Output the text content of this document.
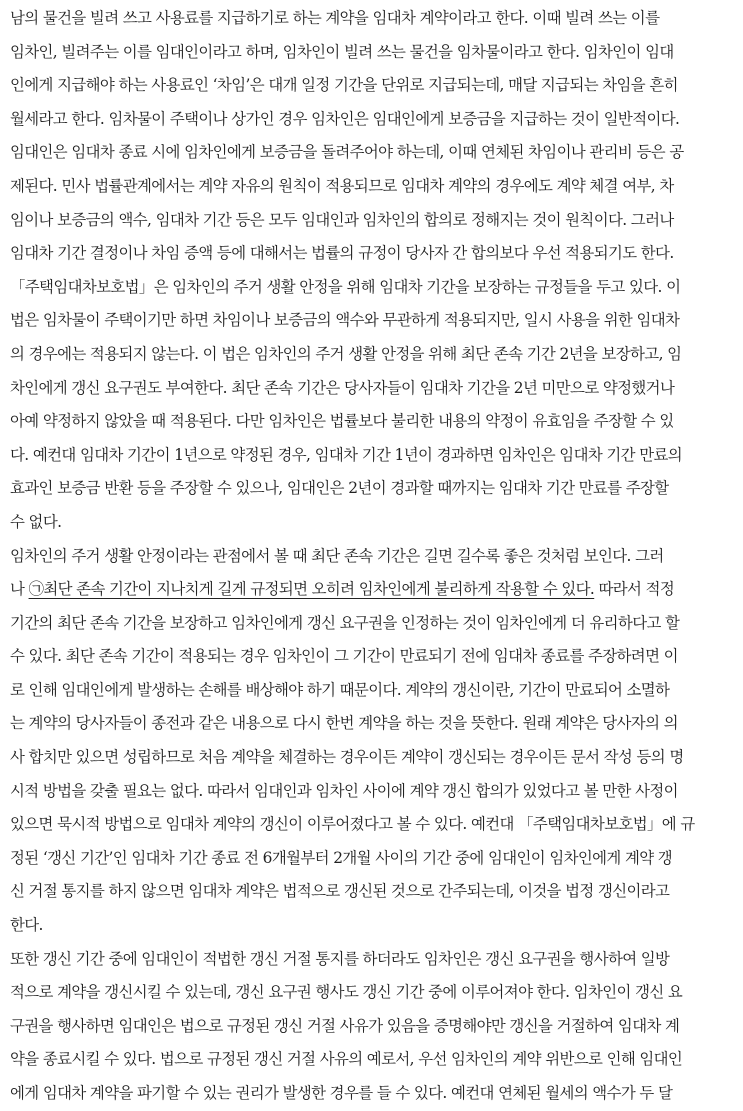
남의 물건을 빌려 쓰고 사용료를 지급하기로 하는 계약을 임대차 계약이라고 한다. 이때 빌려 쓰는 이를
임차인, 빌려주는 이를 임대인이라고 하며, 임차인이 빌려 쓰는 물건을 임차물이라고 한다. 임차인이 임대
인에게 지급해야 하는 사용료인 ‘차임’은 대개 일정 기간을 단위로 지급되는데, 매달 지급되는 차임을 흔히
월세라고 한다. 임차물이 주택이나 상가인 경우 임차인은 임대인에게 보증금을 지급하는 것이 일반적이다.
임대인은 임대차 종료 시에 임차인에게 보증금을 돌려주어야 하는데, 이때 연체된 차임이나 관리비 등은 공
제된다. 민사 법률관계에서는 계약 자유의 원칙이 적용되므로 임대차 계약의 경우에도 계약 체결 여부, 차
임이나 보증금의 액수, 임대차 기간 등은 모두 임대인과 임차인의 합의로 정해지는 것이 원칙이다. 그러나
임대차 기간 결정이나 차임 증액 등에 대해서는 법률의 규정이 당사자 간 합의보다 우선 적용되기도 한다.
「주택임대차보호법」은 임차인의 주거 생활 안정을 위해 임대차 기간을 보장하는 규정들을 두고 있다. 이
법은 임차물이 주택이기만 하면 차임이나 보증금의 액수와 무관하게 적용되지만, 일시 사용을 위한 임대차
의 경우에는 적용되지 않는다. 이 법은 임차인의 주거 생활 안정을 위해 최단 존속 기간 2년을 보장하고, 임
차인에게 갱신 요구권도 부여한다. 최단 존속 기간은 당사자들이 임대차 기간을 2년 미만으로 약정했거나
아예 약정하지 않았을 때 적용된다. 다만 임차인은 법률보다 불리한 내용의 약정이 유효임을 주장할 수 있
다. 예컨대 임대차 기간이 1년으로 약정된 경우, 임대차 기간 1년이 경과하면 임차인은 임대차 기간 만료의
효과인 보증금 반환 등을 주장할 수 있으나, 임대인은 2년이 경과할 때까지는 임대차 기간 만료를 주장할
수 없다.
임차인의 주거 생활 안정이라는 관점에서 볼 때 최단 존속 기간은 길면 길수록 좋은 것처럼 보인다. 그러
나 ㉠최단 존속 기간이 지나치게 길게 규정되면 오히려 임차인에게 불리하게 작용할 수 있다. 따라서 적정
기간의 최단 존속 기간을 보장하고 임차인에게 갱신 요구권을 인정하는 것이 임차인에게 더 유리하다고 할
수 있다. 최단 존속 기간이 적용되는 경우 임차인이 그 기간이 만료되기 전에 임대차 종료를 주장하려면 이
로 인해 임대인에게 발생하는 손해를 배상해야 하기 때문이다. 계약의 갱신이란, 기간이 만료되어 소멸하
는 계약의 당사자들이 종전과 같은 내용으로 다시 한번 계약을 하는 것을 뜻한다. 원래 계약은 당사자의 의
사 합치만 있으면 성립하므로 처음 계약을 체결하는 경우이든 계약이 갱신되는 경우이든 문서 작성 등의 명
시적 방법을 갖출 필요는 없다. 따라서 임대인과 임차인 사이에 계약 갱신 합의가 있었다고 볼 만한 사정이
있으면 묵시적 방법으로 임대차 계약의 갱신이 이루어졌다고 볼 수 있다. 예컨대 「주택임대차보호법」에 규
정된 ‘갱신 기간’인 임대차 기간 종료 전 6개월부터 2개월 사이의 기간 중에 임대인이 임차인에게 계약 갱
신 거절 통지를 하지 않으면 임대차 계약은 법적으로 갱신된 것으로 간주되는데, 이것을 법정 갱신이라고
한다.
또한 갱신 기간 중에 임대인이 적법한 갱신 거절 통지를 하더라도 임차인은 갱신 요구권을 행사하여 일방
적으로 계약을 갱신시킬 수 있는데, 갱신 요구권 행사도 갱신 기간 중에 이루어져야 한다. 임차인이 갱신 요
구권을 행사하면 임대인은 법으로 규정된 갱신 거절 사유가 있음을 증명해야만 갱신을 거절하여 임대차 계
약을 종료시킬 수 있다. 법으로 규정된 갱신 거절 사유의 예로서, 우선 임차인의 계약 위반으로 인해 임대인
에게 임대차 계약을 파기할 수 있는 권리가 발생한 경우를 들 수 있다. 예컨대 연체된 월세의 액수가 두 달
